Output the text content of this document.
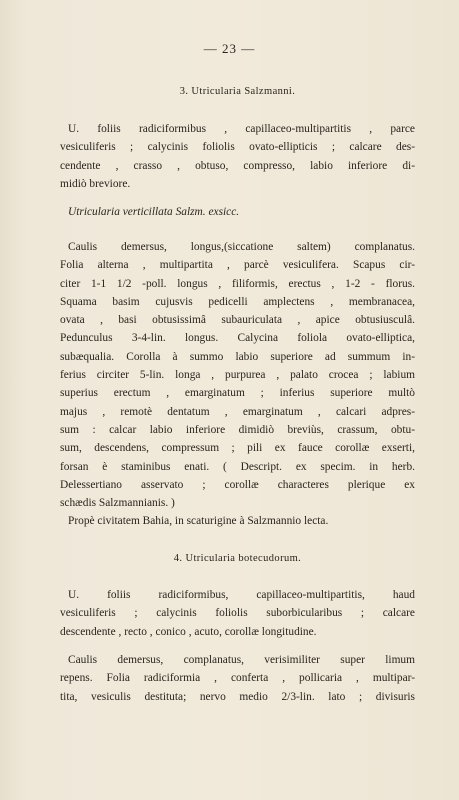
— 23 —
3. Utricularia Salzmanni.
U. foliis radiciformibus , capillaceo-multipartitis , parce
vesiculiferis ; calycinis foliolis ovato-ellipticis ; calcare des-
cendente , crasso , obtuso, compresso, labio inferiore di-
midiò breviore.
Utricularia verticillata Salzm. exsicc.
Caulis demersus, longus,(siccatione saltem) complanatus.
Folia alterna , multipartita , parcè vesiculifera. Scapus cir-
citer 1-1 1/2 -poll. longus , filiformis, erectus , 1-2 - florus.
Squama basim cujusvis pedicelli amplectens , membranacea,
ovata , basi obtusissimâ subauriculata , apice obtusiusculâ.
Pedunculus 3-4-lin. longus. Calycina foliola ovato-elliptica,
subæqualia. Corolla à summo labio superiore ad summum in-
ferius circiter 5-lin. longa , purpurea , palato crocea ; labium
superius erectum , emarginatum ; inferius superiore multò
majus , remotè dentatum , emarginatum , calcari adpres-
sum : calcar labio inferiore dimidiò breviùs, crassum, obtu-
sum, descendens, compressum ; pili ex fauce corollæ exserti,
forsan è staminibus enati. ( Descript. ex specim. in herb.
Delessertiano asservato ; corollæ characteres plerique ex
schædis Salzmannianis. )
Propè civitatem Bahia, in scaturigine à Salzmannio lecta.
4. Utricularia botecudorum.
U. foliis radiciformibus, capillaceo-multipartitis, haud
vesiculiferis ; calycinis foliolis suborbicularibus ; calcare
descendente , recto , conico , acuto, corollæ longitudine.
Caulis demersus, complanatus, verisimiliter super limum
repens. Folia radiciformia , conferta , pollicaria , multipar-
tita, vesiculis destituta; nervo medio 2/3-lin. lato ; divisuris
